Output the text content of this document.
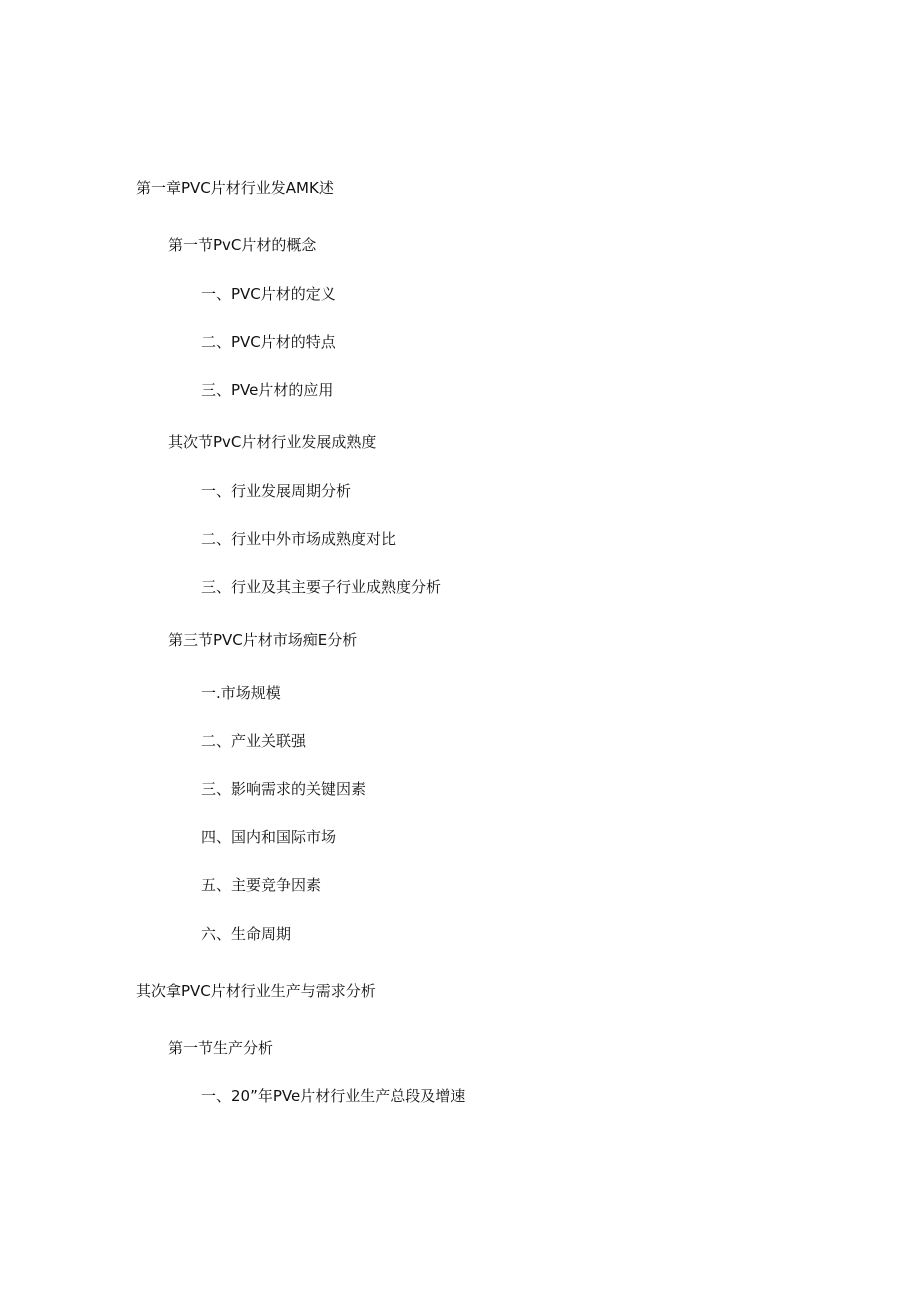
第一章PVC片材行业发AMK述
第一节PvC片材的概念
一、PVC片材的定义
二、PVC片材的特点
三、PVe片材的应用
其次节PvC片材行业发展成熟度
一、行业发展周期分析
二、行业中外市场成熟度对比
三、行业及其主要子行业成熟度分析
第三节PVC片材市场痴E分析
一.市场规模
二、产业关联强
三、影响需求的关键因素
四、国内和国际市场
五、主要竞争因素
六、生命周期
其次拿PVC片材行业生产与需求分析
第一节生产分析
一、20”年PVe片材行业生产总段及增速
